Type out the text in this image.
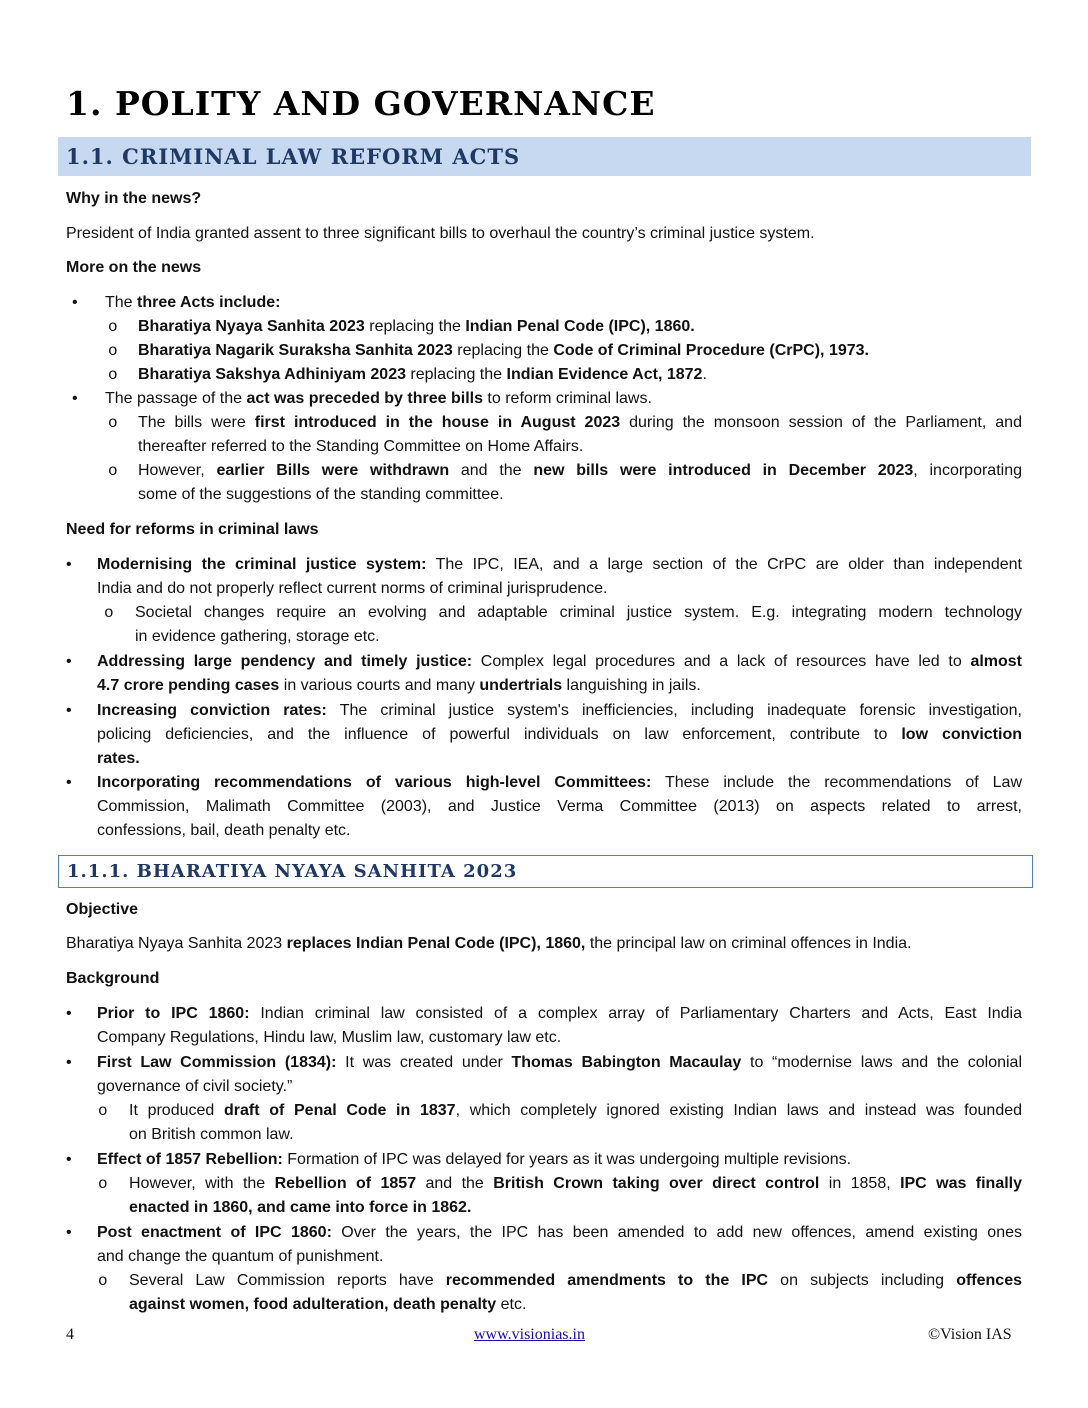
1. POLITY AND GOVERNANCE
1.1. CRIMINAL LAW REFORM ACTS
Why in the news?
President of India granted assent to three significant bills to overhaul the country’s criminal justice system.
More on the news
• The three Acts include:
o Bharatiya Nyaya Sanhita 2023 replacing the Indian Penal Code (IPC), 1860.
o Bharatiya Nagarik Suraksha Sanhita 2023 replacing the Code of Criminal Procedure (CrPC), 1973.
o Bharatiya Sakshya Adhiniyam 2023 replacing the Indian Evidence Act, 1872.
• The passage of the act was preceded by three bills to reform criminal laws.
o The bills were first introduced in the house in August 2023 during the monsoon session of the Parliament, and
thereafter referred to the Standing Committee on Home Affairs.
o However, earlier Bills were withdrawn and the new bills were introduced in December 2023, incorporating
some of the suggestions of the standing committee.
Need for reforms in criminal laws
• Modernising the criminal justice system: The IPC, IEA, and a large section of the CrPC are older than independent
India and do not properly reflect current norms of criminal jurisprudence.
o Societal changes require an evolving and adaptable criminal justice system. E.g. integrating modern technology
in evidence gathering, storage etc.
• Addressing large pendency and timely justice: Complex legal procedures and a lack of resources have led to almost
4.7 crore pending cases in various courts and many undertrials languishing in jails.
• Increasing conviction rates: The criminal justice system's inefficiencies, including inadequate forensic investigation,
policing deficiencies, and the influence of powerful individuals on law enforcement, contribute to low conviction
rates.
• Incorporating recommendations of various high-level Committees: These include the recommendations of Law
Commission, Malimath Committee (2003), and Justice Verma Committee (2013) on aspects related to arrest,
confessions, bail, death penalty etc.
1.1.1. BHARATIYA NYAYA SANHITA 2023
Objective
Bharatiya Nyaya Sanhita 2023 replaces Indian Penal Code (IPC), 1860, the principal law on criminal offences in India.
Background
• Prior to IPC 1860: Indian criminal law consisted of a complex array of Parliamentary Charters and Acts, East India
Company Regulations, Hindu law, Muslim law, customary law etc.
• First Law Commission (1834): It was created under Thomas Babington Macaulay to “modernise laws and the colonial
governance of civil society.”
o It produced draft of Penal Code in 1837, which completely ignored existing Indian laws and instead was founded
on British common law.
• Effect of 1857 Rebellion: Formation of IPC was delayed for years as it was undergoing multiple revisions.
o However, with the Rebellion of 1857 and the British Crown taking over direct control in 1858, IPC was finally
enacted in 1860, and came into force in 1862.
• Post enactment of IPC 1860: Over the years, the IPC has been amended to add new offences, amend existing ones
and change the quantum of punishment.
o Several Law Commission reports have recommended amendments to the IPC on subjects including offences
against women, food adulteration, death penalty etc.
4	www.visionias.in	©Vision IAS
